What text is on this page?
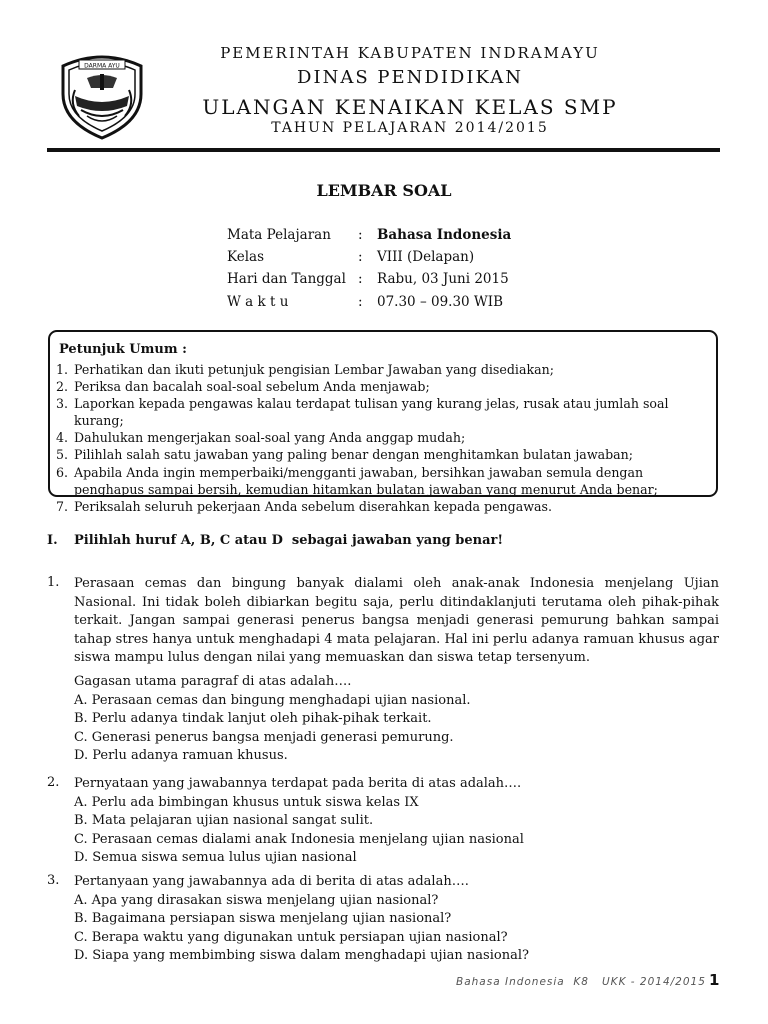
DARMA AYU
PEMERINTAH KABUPATEN INDRAMAYU
DINAS PENDIDIKAN
ULANGAN KENAIKAN KELAS SMP
TAHUN PELAJARAN 2014/2015
LEMBAR SOAL
Mata Pelajaran : Bahasa Indonesia
Kelas	: VIII (Delapan)
Hari dan Tanggal : Rabu, 03 Juni 2015
W a k t u	: 07.30 – 09.30 WIB
Petunjuk Umum :
1. Perhatikan dan ikuti petunjuk pengisian Lembar Jawaban yang disediakan;
2. Periksa dan bacalah soal-soal sebelum Anda menjawab;
3. Laporkan kepada pengawas kalau terdapat tulisan yang kurang jelas, rusak atau jumlah soal kurang;
4. Dahulukan mengerjakan soal-soal yang Anda anggap mudah;
5. Pilihlah salah satu jawaban yang paling benar dengan menghitamkan bulatan jawaban;
6. Apabila Anda ingin memperbaiki/mengganti jawaban, bersihkan jawaban semula dengan penghapus sampai bersih, kemudian hitamkan bulatan jawaban yang menurut Anda benar;
7. Periksalah seluruh pekerjaan Anda sebelum diserahkan kepada pengawas.
I. Pilihlah huruf A, B, C atau D  sebagai jawaban yang benar!
1. Perasaan cemas dan bingung banyak dialami oleh anak-anak Indonesia menjelang Ujian Nasional. Ini tidak boleh dibiarkan begitu saja, perlu ditindaklanjuti terutama oleh pihak-pihak terkait. Jangan sampai generasi penerus bangsa menjadi generasi pemurung bahkan sampai tahap stres hanya untuk menghadapi 4 mata pelajaran. Hal ini perlu adanya ramuan khusus agar siswa mampu lulus dengan nilai yang memuaskan dan siswa tetap tersenyum.
Gagasan utama paragraf di atas adalah….
A. Perasaan cemas dan bingung menghadapi ujian nasional.
B. Perlu adanya tindak lanjut oleh pihak-pihak terkait.
C. Generasi penerus bangsa menjadi generasi pemurung.
D. Perlu adanya ramuan khusus.
2. Pernyataan yang jawabannya terdapat pada berita di atas adalah….
A. Perlu ada bimbingan khusus untuk siswa kelas IX
B. Mata pelajaran ujian nasional sangat sulit.
C. Perasaan cemas dialami anak Indonesia menjelang ujian nasional
D. Semua siswa semua lulus ujian nasional
3. Pertanyaan yang jawabannya ada di berita di atas adalah….
A. Apa yang dirasakan siswa menjelang ujian nasional?
B. Bagaimana persiapan siswa menjelang ujian nasional?
C. Berapa waktu yang digunakan untuk persiapan ujian nasional?
D. Siapa yang membimbing siswa dalam menghadapi ujian nasional?
Bahasa Indonesia  K8   UKK - 2014/2015 1
